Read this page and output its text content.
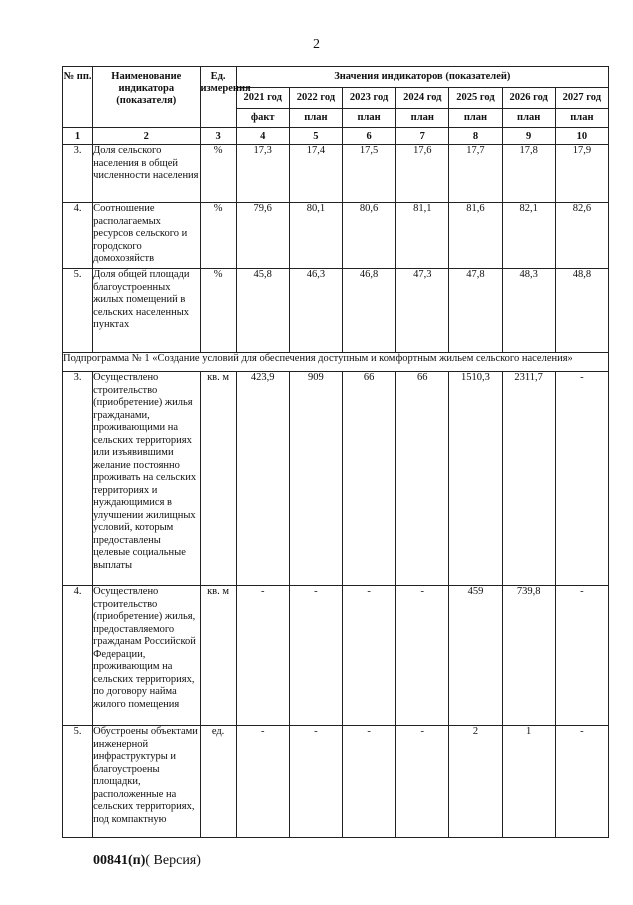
2
№ пп.	Наименование индикатора (показателя)	Ед. измерения	Значения индикаторов (показателей)						
			2021 год	2022 год	2023 год	2024 год	2025 год	2026 год	2027 год
			факт	план	план	план	план	план	план
1	2	3	4	5	6	7	8	9	10
3.	Доля сельского населения в общей численности населения	%	17,3	17,4	17,5	17,6	17,7	17,8	17,9
4.	Соотношение располагаемых ресурсов сельского и городского домохозяйств	%	79,6	80,1	80,6	81,1	81,6	82,1	82,6
5.	Доля общей площади благоустроенных жилых помещений в сельских населенных пунктах	%	45,8	46,3	46,8	47,3	47,8	48,3	48,8
Подпрограмма № 1 «Создание условий для обеспечения доступным и комфортным жильем сельского населения»									
3.	Осуществлено строительство (приобретение) жилья гражданами, проживающими на сельских территориях или изъявившими желание постоянно проживать на сельских территориях и нуждающимися в улучшении жилищных условий, которым предоставлены целевые социальные выплаты	кв. м	423,9	909	66	66	1510,3	2311,7	-
4.	Осуществлено строительство (приобретение) жилья, предоставляемого гражданам Российской Федерации, проживающим на сельских территориях, по договору найма жилого помещения	кв. м	-	-	-	-	459	739,8	-
5.	Обустроены объектами инженерной инфраструктуры и благоустроены площадки, расположенные на сельских территориях, под компактную	ед.	-	-	-	-	2	1	-
00841(п)( Версия)
